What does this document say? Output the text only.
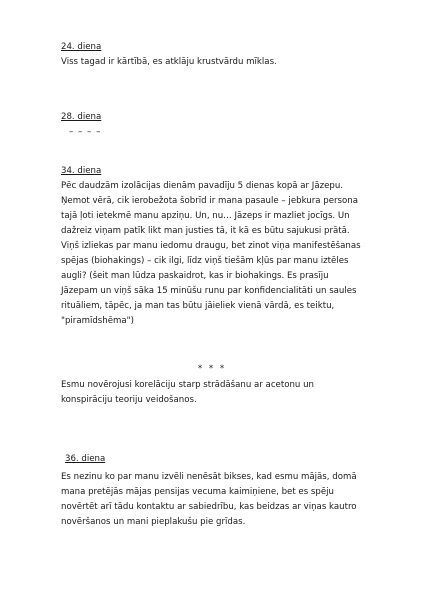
24. diena
Viss tagad ir kārtībā, es atklāju krustvārdu mīklas.
28. diena
– – – –
34. diena
Pēc daudzām izolācijas dienām pavadīju 5 dienas kopā ar Jāzepu. Ņemot vērā, cik ierobežota šobrīd ir mana pasaule – jebkura persona tajā ļoti ietekmē manu apziņu. Un, nu… Jāzeps ir mazliet jocīgs. Un dažreiz viņam patīk likt man justies tā, it kā es būtu sajukusi prātā. Viņš izliekas par manu iedomu draugu, bet zinot viņa manifestēšanas spējas (biohakings) – cik ilgi, līdz viņš tiešām kļūs par manu iztēles augli? (šeit man lūdza paskaidrot, kas ir biohakings. Es prasīju Jāzepam un viņš sāka 15 minūšu runu par konfidencialitāti un saules rituāliem, tāpēc, ja man tas būtu jāieliek vienā vārdā, es teiktu, "piramīdshēma")
* * *
Esmu novērojusi korelāciju starp strādāšanu ar acetonu un konspirāciju teoriju veidošanos.
36. diena
Es nezinu ko par manu izvēli nenēsāt bikses, kad esmu mājās, domā mana pretējās mājas pensijas vecuma kaimiņiene, bet es spēju novērtēt arī tādu kontaktu ar sabiedrību, kas beidzas ar viņas kautro novēršanos un mani pieplakušu pie grīdas.
